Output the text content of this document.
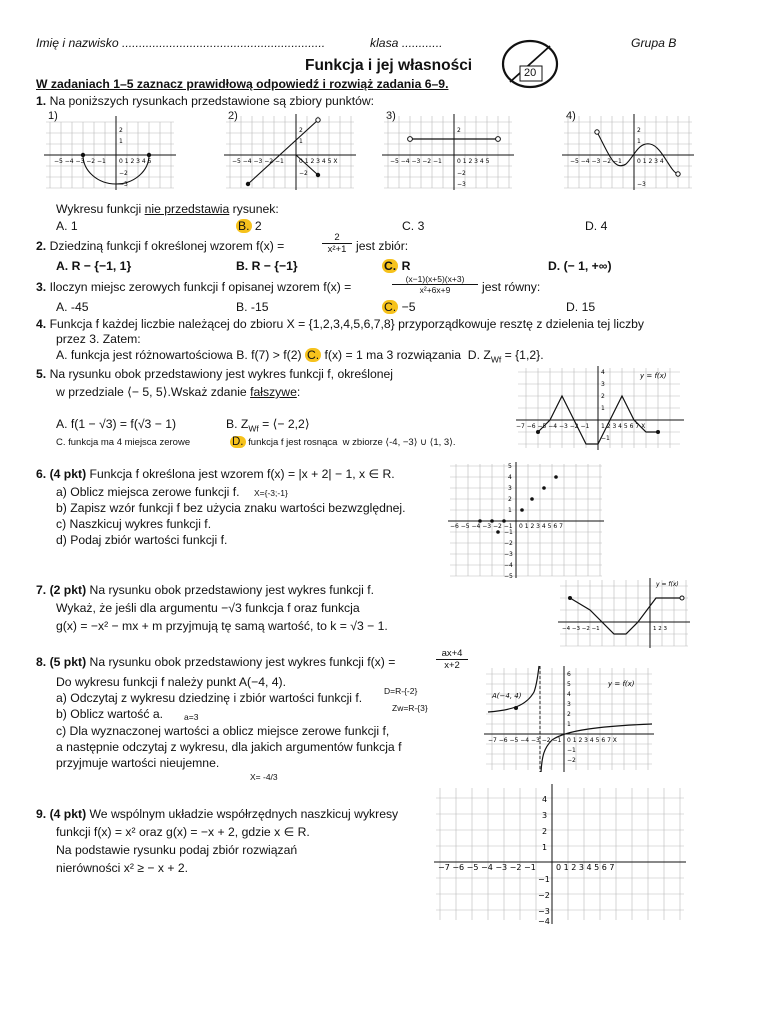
Imię i nazwisko ............................................................	klasa ............	Grupa B
Funkcja i jej własności	20
W zadaniach 1–5 zaznacz prawidłową odpowiedź i rozwiąż zadania 6–9.
1. Na poniższych rysunkach przedstawione są zbiory punktów:
1)
−5 −4 −3 −2 −1 0 1 2 3 4 5
2
1
−2
−3
2)
−5 −4 −3 −2 −1	0 1 2 3 4 5 X
2
1
−2
3)
−5 −4 −3 −2 −1	0 1 2 3 4 5
2
−2
−3
4)
−5 −4 −3 −2 −1	0 1 2 3 4
2
1
−3
Wykresu funkcji nie przedstawia rysunek:
A. 1	B. 2	C. 3	D. 4
2. Dziedziną funkcji f określonej wzorem f(x) =	$\frac{2}{\text{x²+1}}$ jest zbiór:
A. R − {−1, 1}	B. R − {−1}	C. R	D. (− 1, +∞)
3. Iloczyn miejsc zerowych funkcji f opisanej wzorem f(x) =	$\frac{(x-1)(x+5)(x+3)}{\text{x²+6x+9}}$ jest równy:
A. -45	B. -15	C. −5	D. 15
4. Funkcja f każdej liczbie należącej do zbioru X = {1,2,3,4,5,6,7,8} przyporządkowuje resztę z dzielenia tej liczby
przez 3. Zatem:
A. funkcja jest różnowartościowa B. f(7) > f(2) C. f(x) = 1 ma 3 rozwiązania D. $Z_{Wf} = \{1,2\}$.
5. Na rysunku obok przedstawiony jest wykres funkcji f, określonej
w przedziale ⟨− 5, 5⟩.Wskaż zdanie fałszywe:
A. f(1 − √3) = f(√3 − 1)	B. $Z_{Wf}$ = ⟨− 2,2⟩
C. funkcja ma 4 miejsca zerowe	D. funkcja f jest rosnąca w zbiorze ⟨-4, −3⟩ ∪ ⟨1, 3⟩.
−7 −6 −5 −4 −3 −2 −1 1 2 3 4 5 6 7 X
4
3
2
1
−1
y = f(x)
6. (4 pkt) Funkcja f określona jest wzorem f(x) = |x + 2| − 1, x ∈ R.
a) Oblicz miejsca zerowe funkcji f. X={-3;-1}
b) Zapisz wzór funkcji f bez użycia znaku wartości bezwzględnej.
c) Naszkicuj wykres funkcji f.
d) Podaj zbiór wartości funkcji f.
−6 −5 −4 −3 −2 −1 0 1 2 3 4 5 6 7
5
4
3
2
1
−1
−2
−3
−4
−5
7. (2 pkt) Na rysunku obok przedstawiony jest wykres funkcji f.
Wykaż, że jeśli dla argumentu −√3 funkcja f oraz funkcja
g(x) = −x² − mx + m przyjmują tę samą wartość, to k = √3 − 1.	−4 −3 −2 −1	1 2 3
y = f(x)
8. (5 pkt) Na rysunku obok przedstawiony jest wykres funkcji f(x) =	$\frac{ax+4}{x+2}$
Do wykresu funkcji f należy punkt A(−4, 4).
a) Odczytaj z wykresu dziedzinę i zbiór wartości funkcji f.
b) Oblicz wartość a. a=3
c) Dla wyznaczonej wartości a oblicz miejsce zerowe funkcji f,
a następnie odczytaj z wykresu, dla jakich argumentów funkcja f
przyjmuje wartości nieujemne.
D=R-{-2}
Zw=R-{3}
X= -4/3
A(−4, 4)
y = f(x)
−7 −6 −5 −4 −3 −2 −1 0 1 2 3 4 5 6 7 X
6
5
4
3
2
1
−1
−2
9. (4 pkt) We wspólnym układzie współrzędnych naszkicuj wykresy
funkcji f(x) = x² oraz g(x) = −x + 2, gdzie x ∈ R.
Na podstawie rysunku podaj zbiór rozwiązań
nierówności x² ≥ − x + 2.	−7 −6 −5 −4 −3 −2 −1	0 1 2 3 4 5 6 7
4
3
2
1
−1
−2
−3
−4
